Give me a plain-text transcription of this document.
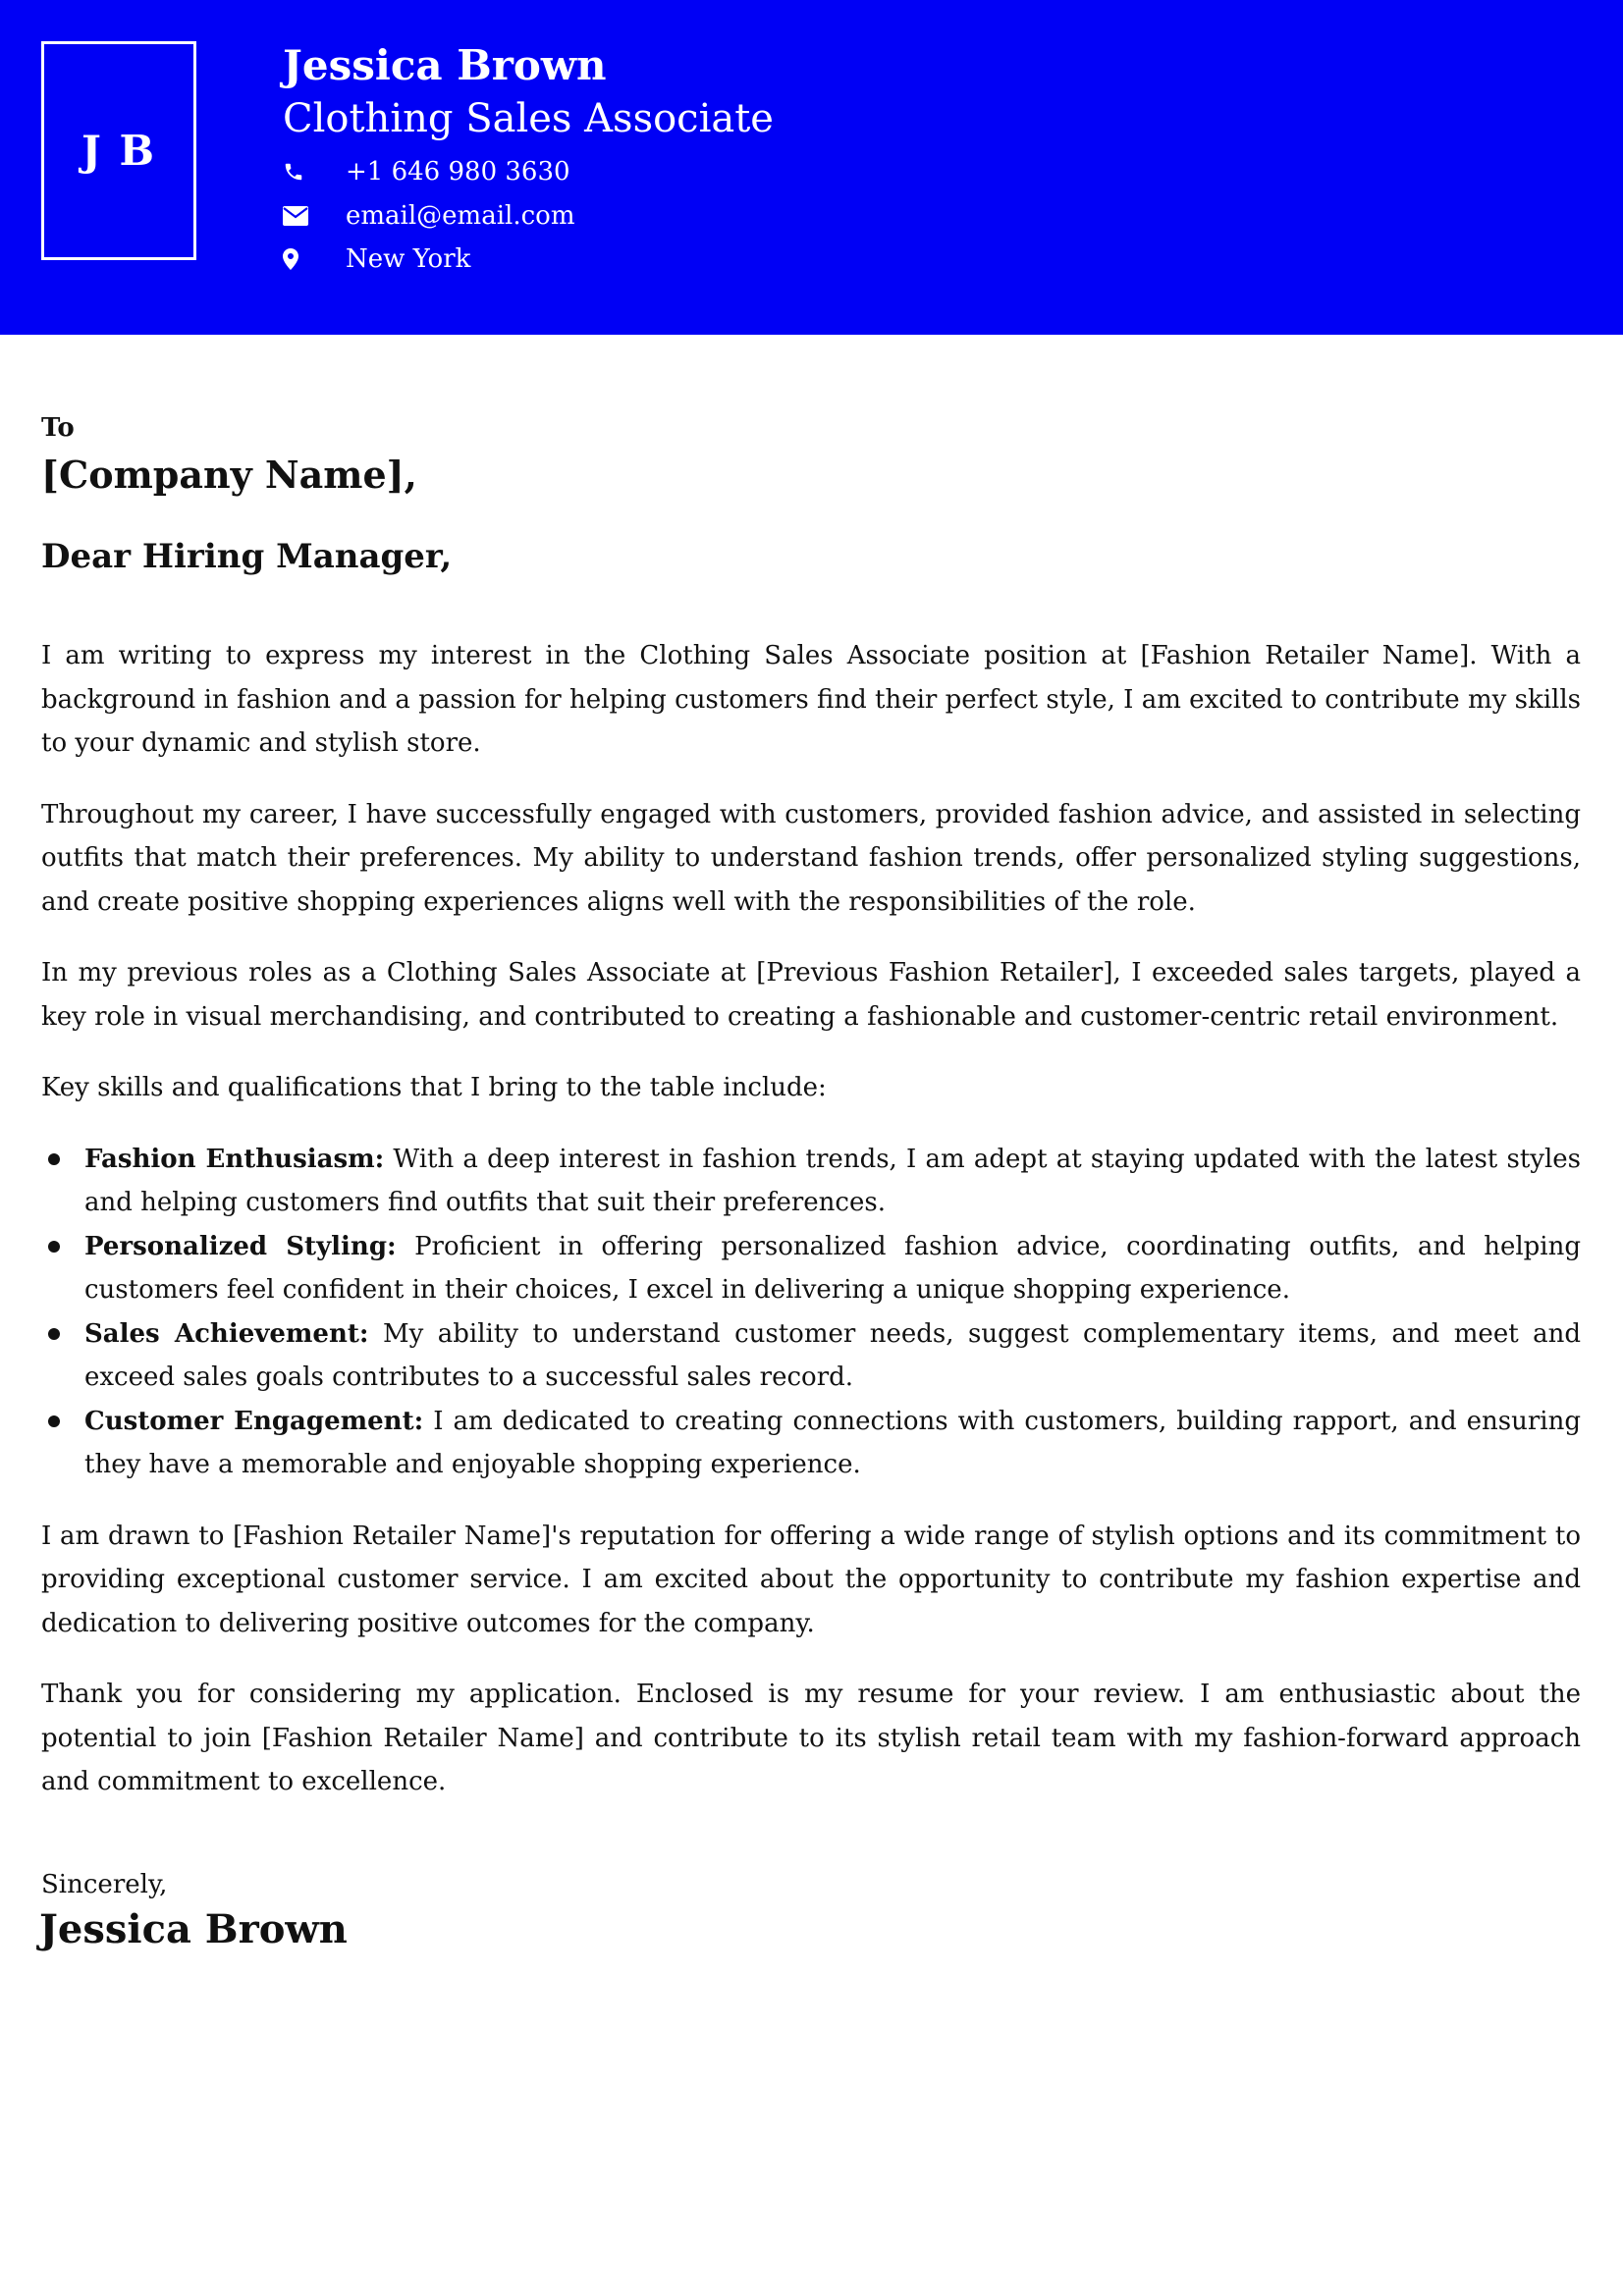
J B
Jessica Brown
Clothing Sales Associate
+1 646 980 3630
email@email.com
New York
To
[Company Name],
Dear Hiring Manager,

I am writing to express my interest in the Clothing Sales Associate position at [Fashion Retailer Name]. With a background in fashion and a passion for helping customers find their perfect style, I am excited to contribute my skills to your dynamic and stylish store.

Throughout my career, I have successfully engaged with customers, provided fashion advice, and assisted in selecting outfits that match their preferences. My ability to understand fashion trends, offer personalized styling suggestions, and create positive shopping experiences aligns well with the responsibilities of the role.

In my previous roles as a Clothing Sales Associate at [Previous Fashion Retailer], I exceeded sales targets, played a key role in visual merchandising, and contributed to creating a fashionable and customer-centric retail environment.

Key skills and qualifications that I bring to the table include:

Fashion Enthusiasm: With a deep interest in fashion trends, I am adept at staying updated with the latest styles and helping customers find outfits that suit their preferences.
Personalized Styling: Proficient in offering personalized fashion advice, coordinating outfits, and helping customers feel confident in their choices, I excel in delivering a unique shopping experience.
Sales Achievement: My ability to understand customer needs, suggest complementary items, and meet and exceed sales goals contributes to a successful sales record.
Customer Engagement: I am dedicated to creating connections with customers, building rapport, and ensuring they have a memorable and enjoyable shopping experience.

I am drawn to [Fashion Retailer Name]'s reputation for offering a wide range of stylish options and its commitment to providing exceptional customer service. I am excited about the opportunity to contribute my fashion expertise and dedication to delivering positive outcomes for the company.

Thank you for considering my application. Enclosed is my resume for your review. I am enthusiastic about the potential to join [Fashion Retailer Name] and contribute to its stylish retail team with my fashion-forward approach and commitment to excellence.

Sincerely,
Jessica Brown
